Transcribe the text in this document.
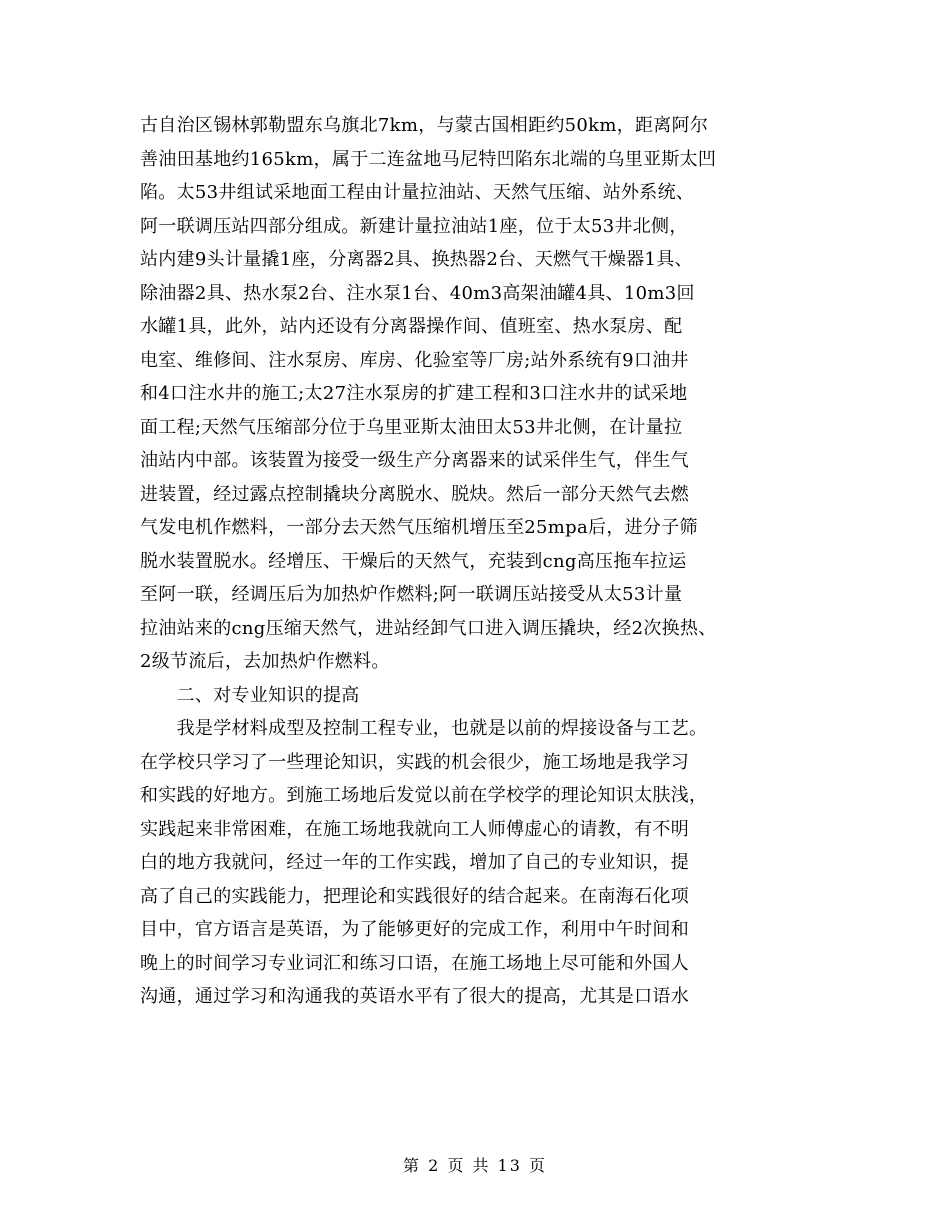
古自治区锡林郭勒盟东乌旗北7km，与蒙古国相距约50km，距离阿尔
善油田基地约165km，属于二连盆地马尼特凹陷东北端的乌里亚斯太凹
陷。太53井组试采地面工程由计量拉油站、天然气压缩、站外系统、
阿一联调压站四部分组成。新建计量拉油站1座，位于太53井北侧，
站内建9头计量撬1座，分离器2具、换热器2台、天燃气干燥器1具、
除油器2具、热水泵2台、注水泵1台、40m3高架油罐4具、10m3回
水罐1具，此外，站内还设有分离器操作间、值班室、热水泵房、配
电室、维修间、注水泵房、库房、化验室等厂房;站外系统有9口油井
和4口注水井的施工;太27注水泵房的扩建工程和3口注水井的试采地
面工程;天然气压缩部分位于乌里亚斯太油田太53井北侧，在计量拉
油站内中部。该装置为接受一级生产分离器来的试采伴生气，伴生气
进装置，经过露点控制撬块分离脱水、脱炔。然后一部分天然气去燃
气发电机作燃料，一部分去天然气压缩机增压至25mpa后，进分子筛
脱水装置脱水。经增压、干燥后的天然气，充装到cng高压拖车拉运
至阿一联，经调压后为加热炉作燃料;阿一联调压站接受从太53计量
拉油站来的cng压缩天然气，进站经卸气口进入调压撬块，经2次换热、
2级节流后，去加热炉作燃料。
　　二、对专业知识的提高
　　我是学材料成型及控制工程专业，也就是以前的焊接设备与工艺。
在学校只学习了一些理论知识，实践的机会很少，施工场地是我学习
和实践的好地方。到施工场地后发觉以前在学校学的理论知识太肤浅，
实践起来非常困难，在施工场地我就向工人师傅虚心的请教，有不明
白的地方我就问，经过一年的工作实践，增加了自己的专业知识，提
高了自己的实践能力，把理论和实践很好的结合起来。在南海石化项
目中，官方语言是英语，为了能够更好的完成工作，利用中午时间和
晚上的时间学习专业词汇和练习口语，在施工场地上尽可能和外国人
沟通，通过学习和沟通我的英语水平有了很大的提高，尤其是口语水
第 2 页 共 13 页
